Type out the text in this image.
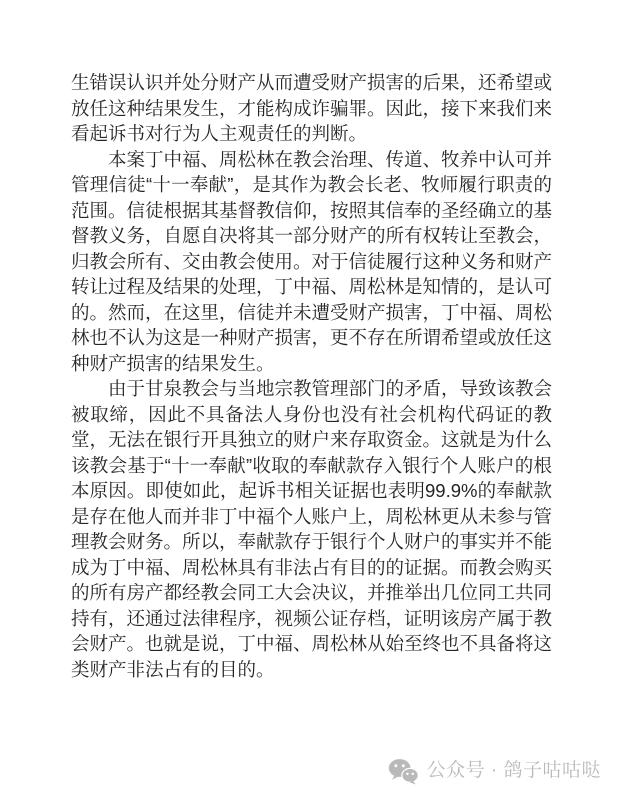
生错误认识并处分财产从而遭受财产损害的后果，还希望或放任这种结果发生，才能构成诈骗罪。因此，接下来我们来看起诉书对行为人主观责任的判断。

本案丁中福、周松林在教会治理、传道、牧养中认可并管理信徒“十一奉献”，是其作为教会长老、牧师履行职责的范围。信徒根据其基督教信仰，按照其信奉的圣经确立的基督教义务，自愿自决将其一部分财产的所有权转让至教会，归教会所有、交由教会使用。对于信徒履行这种义务和财产转让过程及结果的处理，丁中福、周松林是知情的，是认可的。然而，在这里，信徒并未遭受财产损害，丁中福、周松林也不认为这是一种财产损害，更不存在所谓希望或放任这种财产损害的结果发生。

由于甘泉教会与当地宗教管理部门的矛盾，导致该教会被取缔，因此不具备法人身份也没有社会机构代码证的教堂，无法在银行开具独立的财户来存取资金。这就是为什么该教会基于“十一奉献”收取的奉献款存入银行个人账户的根本原因。即使如此，起诉书相关证据也表明99.9%的奉献款是存在他人而并非丁中福个人账户上，周松林更从未参与管理教会财务。所以，奉献款存于银行个人财户的事实并不能成为丁中福、周松林具有非法占有目的的证据。而教会购买的所有房产都经教会同工大会决议，并推举出几位同工共同持有，还通过法律程序，视频公证存档，证明该房产属于教会财产。也就是说，丁中福、周松林从始至终也不具备将这类财产非法占有的目的。

公众号 · 鸽子咕咕哒
